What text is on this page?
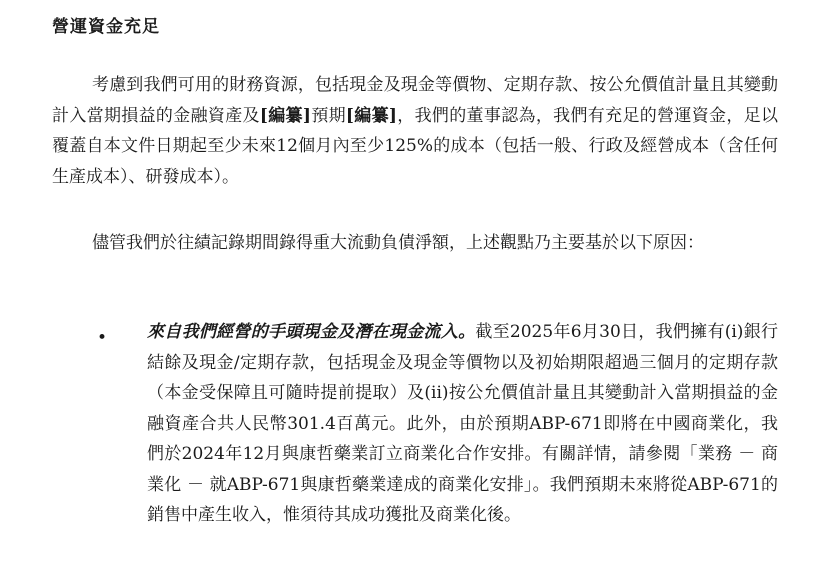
營運資金充足

考慮到我們可用的財務資源，包括現金及現金等價物、定期存款、按公允價值計量且其變動計入當期損益的金融資產及[編纂]預期[編纂]，我們的董事認為，我們有充足的營運資金，足以覆蓋自本文件日期起至少未來12個月內至少125%的成本（包括一般、行政及經營成本（含任何生產成本）、研發成本）。

儘管我們於往績記錄期間錄得重大流動負債淨額，上述觀點乃主要基於以下原因：

• 來自我們經營的手頭現金及潛在現金流入。截至2025年6月30日，我們擁有(i)銀行結餘及現金/定期存款，包括現金及現金等價物以及初始期限超過三個月的定期存款（本金受保障且可隨時提前提取）及(ii)按公允價值計量且其變動計入當期損益的金融資產合共人民幣301.4百萬元。此外，由於預期ABP-671即將在中國商業化，我們於2024年12月與康哲藥業訂立商業化合作安排。有關詳情，請參閱「業務 － 商業化 － 就ABP-671與康哲藥業達成的商業化安排」。我們預期未來將從ABP-671的銷售中產生收入，惟須待其成功獲批及商業化後。
